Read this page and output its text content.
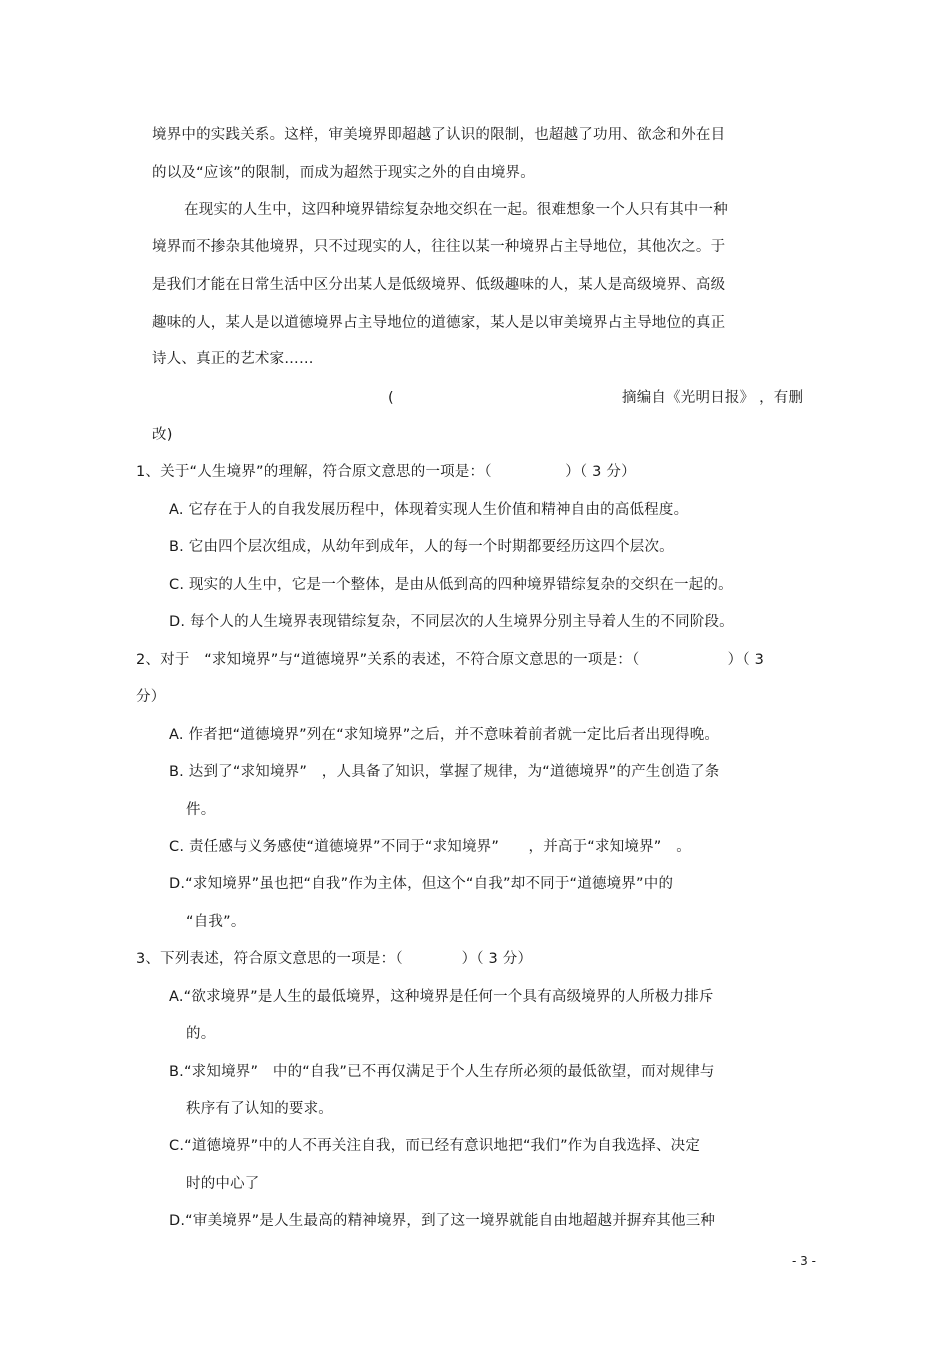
境界中的实践关系。这样，审美境界即超越了认识的限制，也超越了功用、欲念和外在目
的以及“应该”的限制，而成为超然于现实之外的自由境界。
在现实的人生中，这四种境界错综复杂地交织在一起。很难想象一个人只有其中一种
境界而不掺杂其他境界，只不过现实的人，往往以某一种境界占主导地位，其他次之。于
是我们才能在日常生活中区分出某人是低级境界、低级趣味的人，某人是高级境界、高级
趣味的人，某人是以道德境界占主导地位的道德家，某人是以审美境界占主导地位的真正
诗人、真正的艺术家……
(	摘编自《光明日报》 ，有删
改)
1、关于“人生境界”的理解，符合原文意思的一项是：（　　　　　）（ 3 分）
A. 它存在于人的自我发展历程中，体现着实现人生价值和精神自由的高低程度。
B. 它由四个层次组成，从幼年到成年，人的每一个时期都要经历这四个层次。
C. 现实的人生中，它是一个整体，是由从低到高的四种境界错综复杂的交织在一起的。
D. 每个人的人生境界表现错综复杂，不同层次的人生境界分别主导着人生的不同阶段。
2、对于　“求知境界”与“道德境界”关系的表述，不符合原文意思的一项是：（　　　　　　）（ 3
分）
A. 作者把“道德境界”列在“求知境界”之后，并不意味着前者就一定比后者出现得晚。
B. 达到了“求知境界”　，人具备了知识，掌握了规律，为“道德境界”的产生创造了条
件。
C. 责任感与义务感使“道德境界”不同于“求知境界”　　，并高于“求知境界”　。
D.“求知境界”虽也把“自我”作为主体，但这个“自我”却不同于“道德境界”中的
“自我”。
3、下列表述，符合原文意思的一项是：（　　　　）（ 3 分）
A.“欲求境界”是人生的最低境界，这种境界是任何一个具有高级境界的人所极力排斥
的。
B.“求知境界”　中的“自我”已不再仅满足于个人生存所必须的最低欲望，而对规律与
秩序有了认知的要求。
C.“道德境界”中的人不再关注自我，而已经有意识地把“我们”作为自我选择、决定
时的中心了
D.“审美境界”是人生最高的精神境界，到了这一境界就能自由地超越并摒弃其他三种
- 3 -
